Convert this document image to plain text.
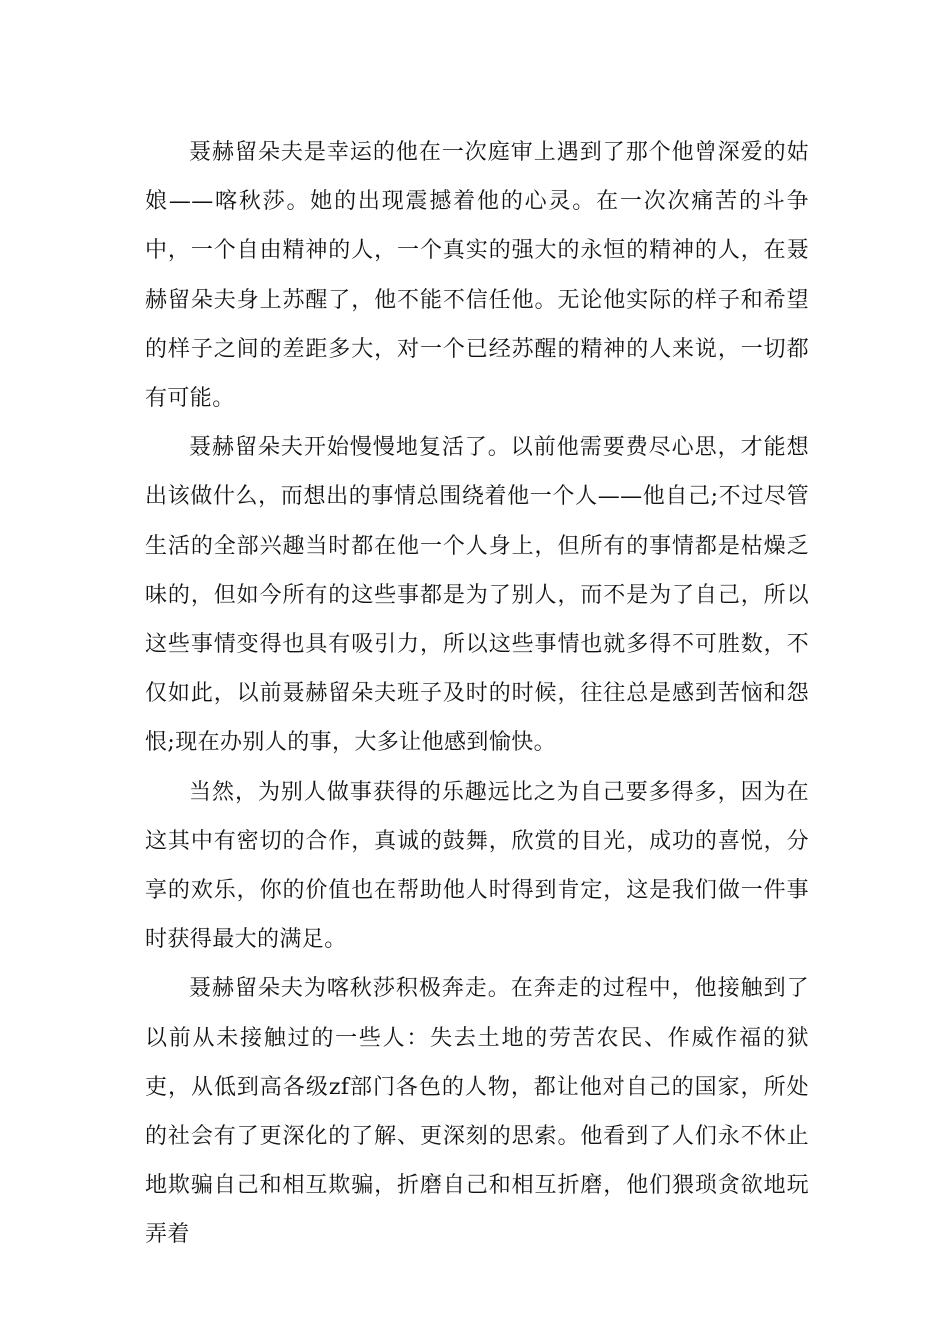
聂赫留朵夫是幸运的他在一次庭审上遇到了那个他曾深爱的姑娘——喀秋莎。她的出现震撼着他的心灵。在一次次痛苦的斗争中，一个自由精神的人，一个真实的强大的永恒的精神的人，在聂赫留朵夫身上苏醒了，他不能不信任他。无论他实际的样子和希望的样子之间的差距多大，对一个已经苏醒的精神的人来说，一切都有可能。

聂赫留朵夫开始慢慢地复活了。以前他需要费尽心思，才能想出该做什么，而想出的事情总围绕着他一个人——他自己;不过尽管生活的全部兴趣当时都在他一个人身上，但所有的事情都是枯燥乏味的，但如今所有的这些事都是为了别人，而不是为了自己，所以这些事情变得也具有吸引力，所以这些事情也就多得不可胜数，不仅如此，以前聂赫留朵夫班子及时的时候，往往总是感到苦恼和怨恨;现在办别人的事，大多让他感到愉快。

当然，为别人做事获得的乐趣远比之为自己要多得多，因为在这其中有密切的合作，真诚的鼓舞，欣赏的目光，成功的喜悦，分享的欢乐，你的价值也在帮助他人时得到肯定，这是我们做一件事时获得最大的满足。

聂赫留朵夫为喀秋莎积极奔走。在奔走的过程中，他接触到了以前从未接触过的一些人：失去土地的劳苦农民、作威作福的狱吏，从低到高各级zf部门各色的人物，都让他对自己的国家，所处的社会有了更深化的了解、更深刻的思索。他看到了人们永不休止地欺骗自己和相互欺骗，折磨自己和相互折磨，他们猥琐贪欲地玩弄着
